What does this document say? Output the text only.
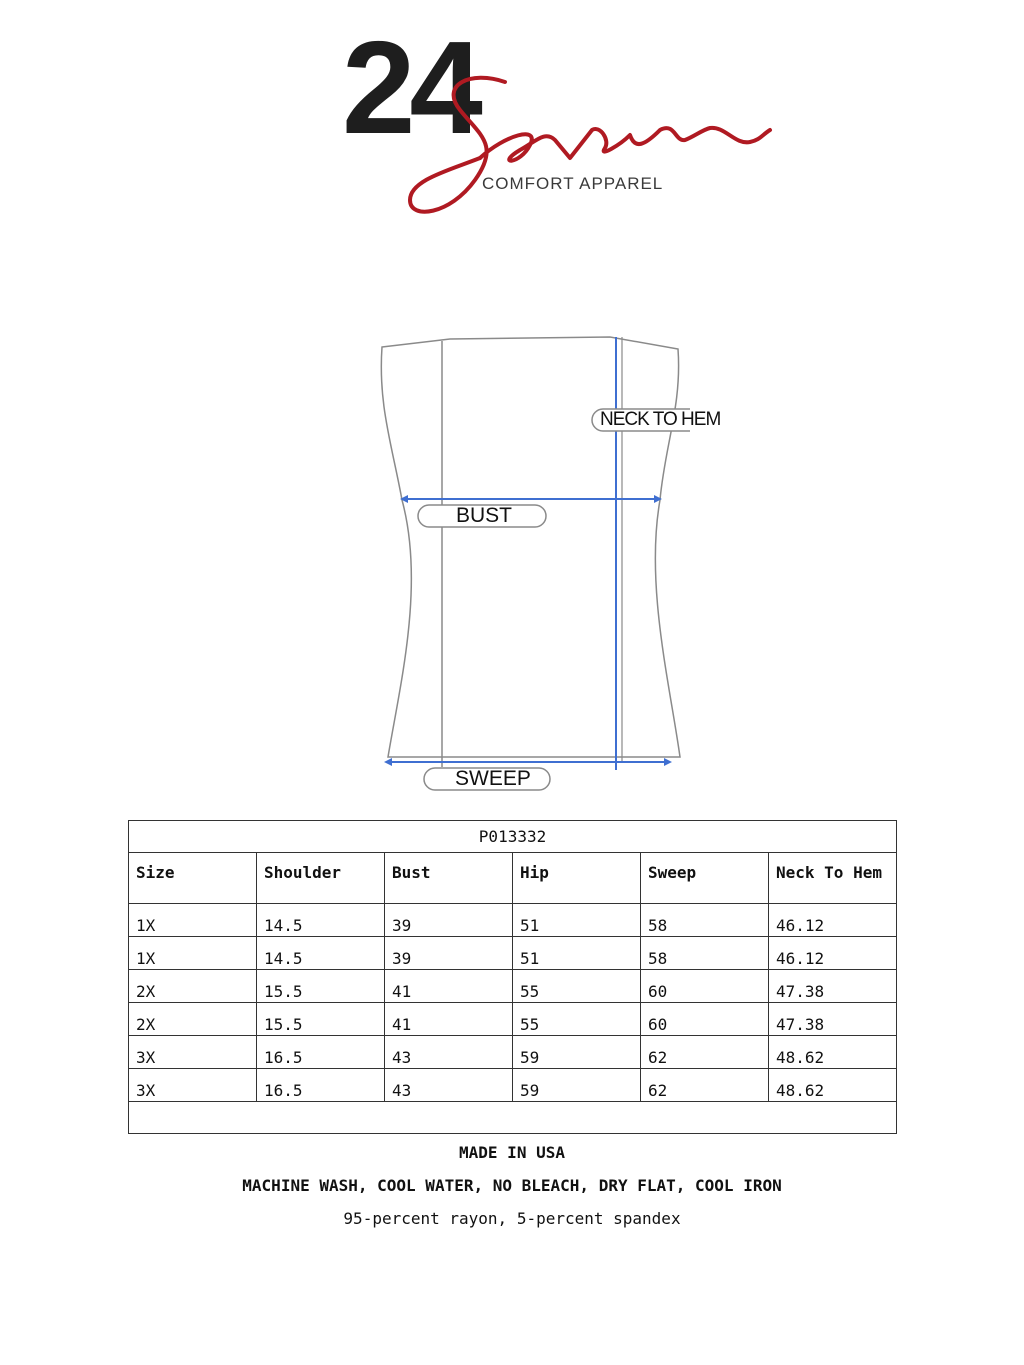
24
COMFORT APPAREL
NECK TO HEM
BUST
SWEEP
P013332					
Size	Shoulder	Bust	Hip	Sweep	Neck To Hem
1X	14.5	39	51	58	46.12
1X	14.5	39	51	58	46.12
2X	15.5	41	55	60	47.38
2X	15.5	41	55	60	47.38
3X	16.5	43	59	62	48.62
3X	16.5	43	59	62	48.62

MADE IN USA
MACHINE WASH, COOL WATER, NO BLEACH, DRY FLAT, COOL IRON
95-percent rayon, 5-percent spandex
